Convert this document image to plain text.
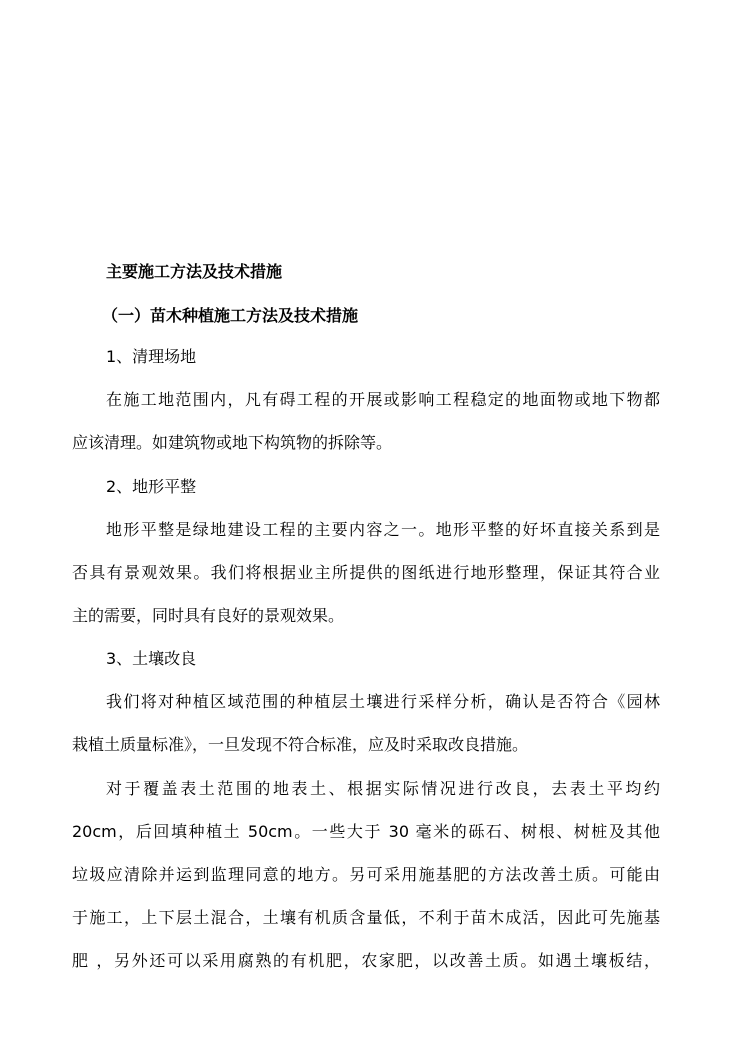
主要施工方法及技术措施
（一）苗木种植施工方法及技术措施
1、清理场地
在施工地范围内，凡有碍工程的开展或影响工程稳定的地面物或地下物都
应该清理。如建筑物或地下构筑物的拆除等。
2、地形平整
地形平整是绿地建设工程的主要内容之一。地形平整的好坏直接关系到是
否具有景观效果。我们将根据业主所提供的图纸进行地形整理，保证其符合业
主的需要，同时具有良好的景观效果。
3、土壤改良
我们将对种植区域范围的种植层土壤进行采样分析，确认是否符合《园林
栽植土质量标准》，一旦发现不符合标准，应及时采取改良措施。
对于覆盖表土范围的地表土、根据实际情况进行改良，去表土平均约
20cm，后回填种植土 50cm。一些大于 30 毫米的砾石、树根、树桩及其他
垃圾应清除并运到监理同意的地方。另可采用施基肥的方法改善土质。可能由
于施工，上下层土混合，土壤有机质含量低，不利于苗木成活，因此可先施基
肥 ，另外还可以采用腐熟的有机肥，农家肥，以改善土质。如遇土壤板结，
